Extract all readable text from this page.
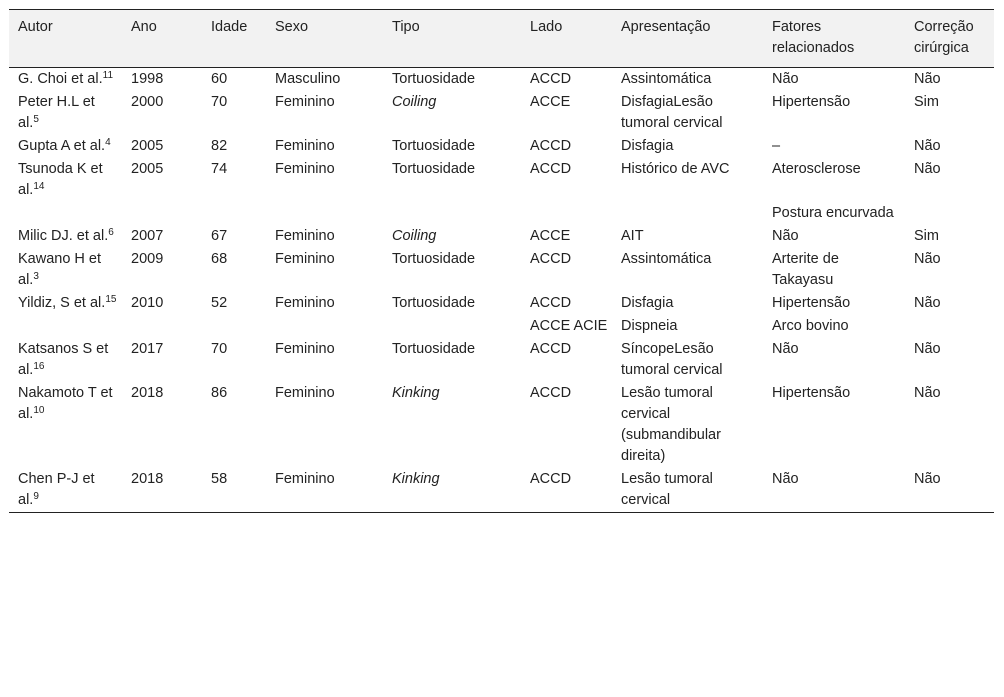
Autor	Ano	Idade	Sexo	Tipo	Lado	Apresentação	Fatores relacionados	Correção cirúrgica
G. Choi et al.$^{11}$	1998	60	Masculino	Tortuosidade	ACCD	Assintomática	Não	Não
Peter H.L et al.$^5$	2000	70	Feminino	Coiling	ACCE	DisfagiaLesão tumoral cervical	Hipertensão	Sim
Gupta A et al.$^4$	2005	82	Feminino	Tortuosidade	ACCD	Disfagia	–	Não
Tsunoda K et al.$^{14}$	2005	74	Feminino	Tortuosidade	ACCD	Histórico de AVC	Aterosclerose	Não
							Postura encurvada	
Milic DJ. et al.$^6$	2007	67	Feminino	Coiling	ACCE	AIT	Não	Sim
Kawano H et al.$^3$	2009	68	Feminino	Tortuosidade	ACCD	Assintomática	Arterite de Takayasu	Não
Yildiz, S et al.$^{15}$	2010	52	Feminino	Tortuosidade	ACCD	Disfagia	Hipertensão	Não
					ACCE ACIE	Dispneia	Arco bovino	
Katsanos S et al.$^{16}$	2017	70	Feminino	Tortuosidade	ACCD	SíncopeLesão tumoral cervical	Não	Não
Nakamoto T et al.$^{10}$	2018	86	Feminino	Kinking	ACCD	Lesão tumoral cervical (submandibular direita)	Hipertensão	Não
Chen P-J et al.$^9$	2018	58	Feminino	Kinking	ACCD	Lesão tumoral cervical	Não	Não
